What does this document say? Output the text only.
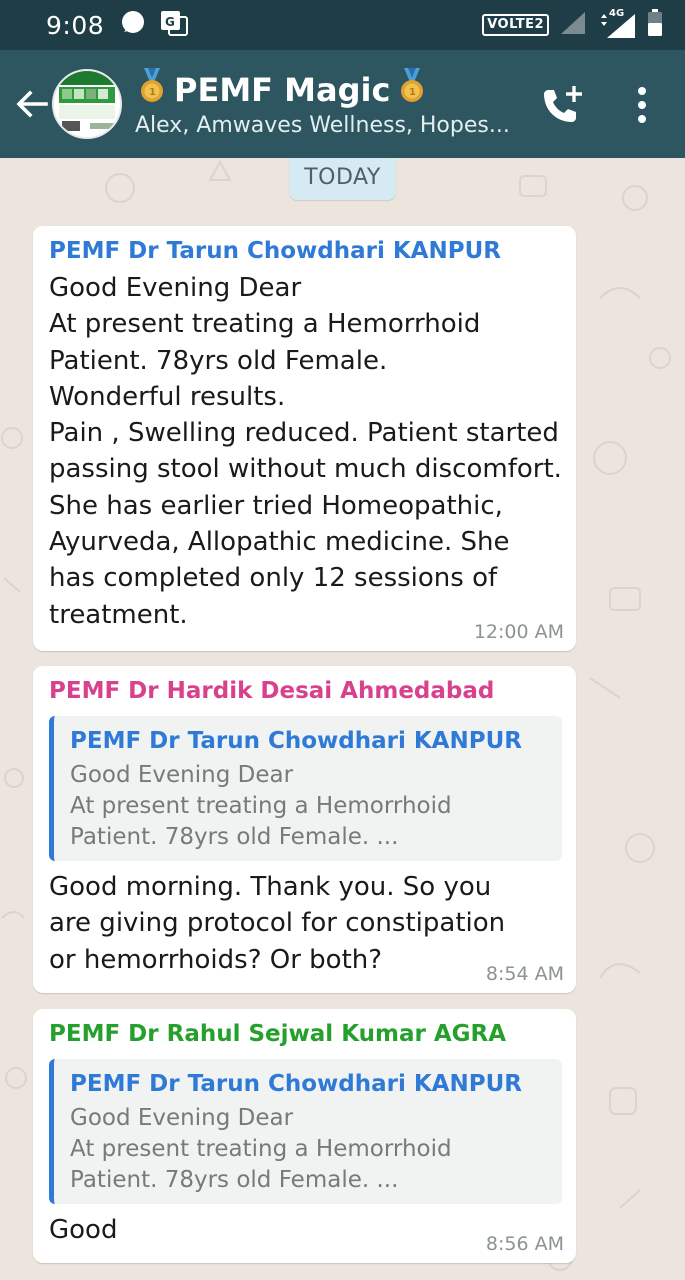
9:08	G	VOLTE2
4G
1 PEMF Magic 1
Alex, Amwaves Wellness, Hopes...
TODAY
PEMF Dr Tarun Chowdhari KANPUR
Good Evening Dear
At present treating a Hemorrhoid Patient. 78yrs old Female.
Wonderful results.
Pain , Swelling reduced. Patient started passing stool without much discomfort. She has earlier tried Homeopathic, Ayurveda, Allopathic medicine. She has completed only 12 sessions of treatment.
12:00 AM
PEMF Dr Hardik Desai Ahmedabad
PEMF Dr Tarun Chowdhari KANPUR
Good Evening Dear
At present treating a Hemorrhoid
Patient. 78yrs old Female. ...
Good morning. Thank you. So you are giving protocol for constipation or hemorrhoids? Or both?	8:54 AM
PEMF Dr Rahul Sejwal Kumar AGRA
PEMF Dr Tarun Chowdhari KANPUR
Good Evening Dear
At present treating a Hemorrhoid
Patient. 78yrs old Female. ...
Good	8:56 AM
